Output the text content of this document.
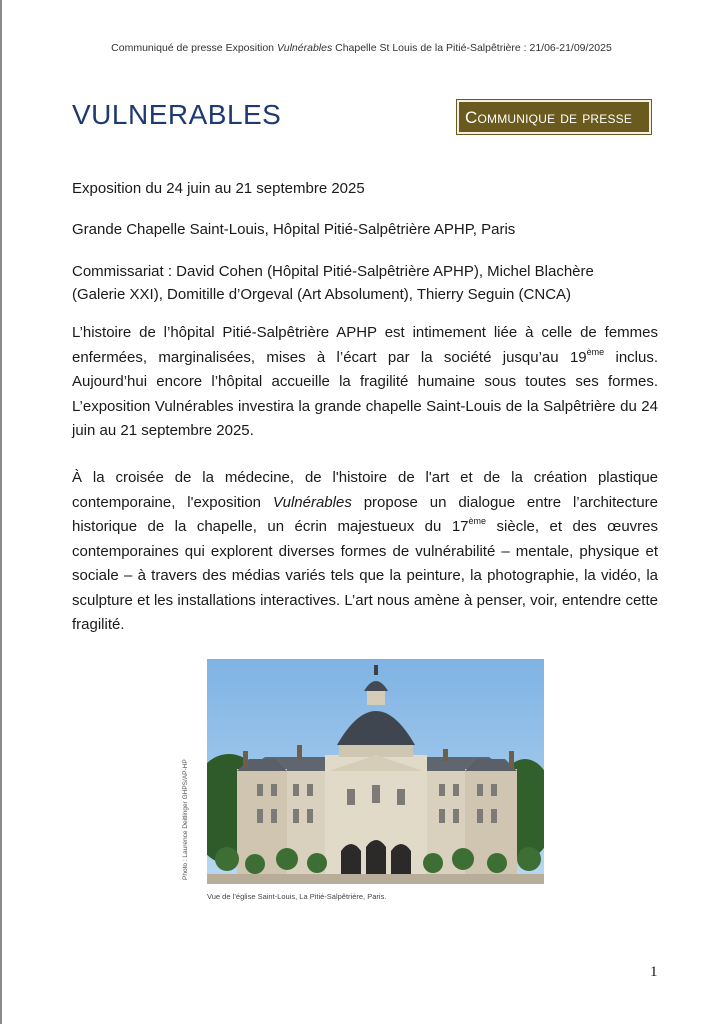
Communiqué de presse Exposition Vulnérables Chapelle St Louis de la Pitié-Salpêtrière : 21/06-21/09/2025
VULNERABLES	Communique de presse
Exposition du 24 juin au 21 septembre 2025
Grande Chapelle Saint-Louis, Hôpital Pitié-Salpêtrière APHP, Paris
Commissariat : David Cohen (Hôpital Pitié-Salpêtrière APHP), Michel Blachère
(Galerie XXI), Domitille d’Orgeval (Art Absolument), Thierry Seguin (CNCA)
L’histoire de l’hôpital Pitié-Salpêtrière APHP est intimement liée à celle de femmes enfermées, marginalisées, mises à l’écart par la société jusqu’au 19ème inclus. Aujourd’hui encore l’hôpital accueille la fragilité humaine sous toutes ses formes. L’exposition Vulnérables investira la grande chapelle Saint-Louis de la Salpêtrière du 24 juin au 21 septembre 2025.
À la croisée de la médecine, de l'histoire de l'art et de la création plastique contemporaine, l'exposition Vulnérables propose un dialogue entre l’architecture historique de la chapelle, un écrin majestueux du 17ème siècle, et des œuvres contemporaines qui explorent diverses formes de vulnérabilité – mentale, physique et sociale – à travers des médias variés tels que la peinture, la photographie, la vidéo, la sculpture et les installations interactives. L’art nous amène à penser, voir, entendre cette fragilité.
Photo : Laurence Deitlinger GHPS/AP-HP
Vue de l’église Saint-Louis, La Pitié-Salpêtrière, Paris.
1
